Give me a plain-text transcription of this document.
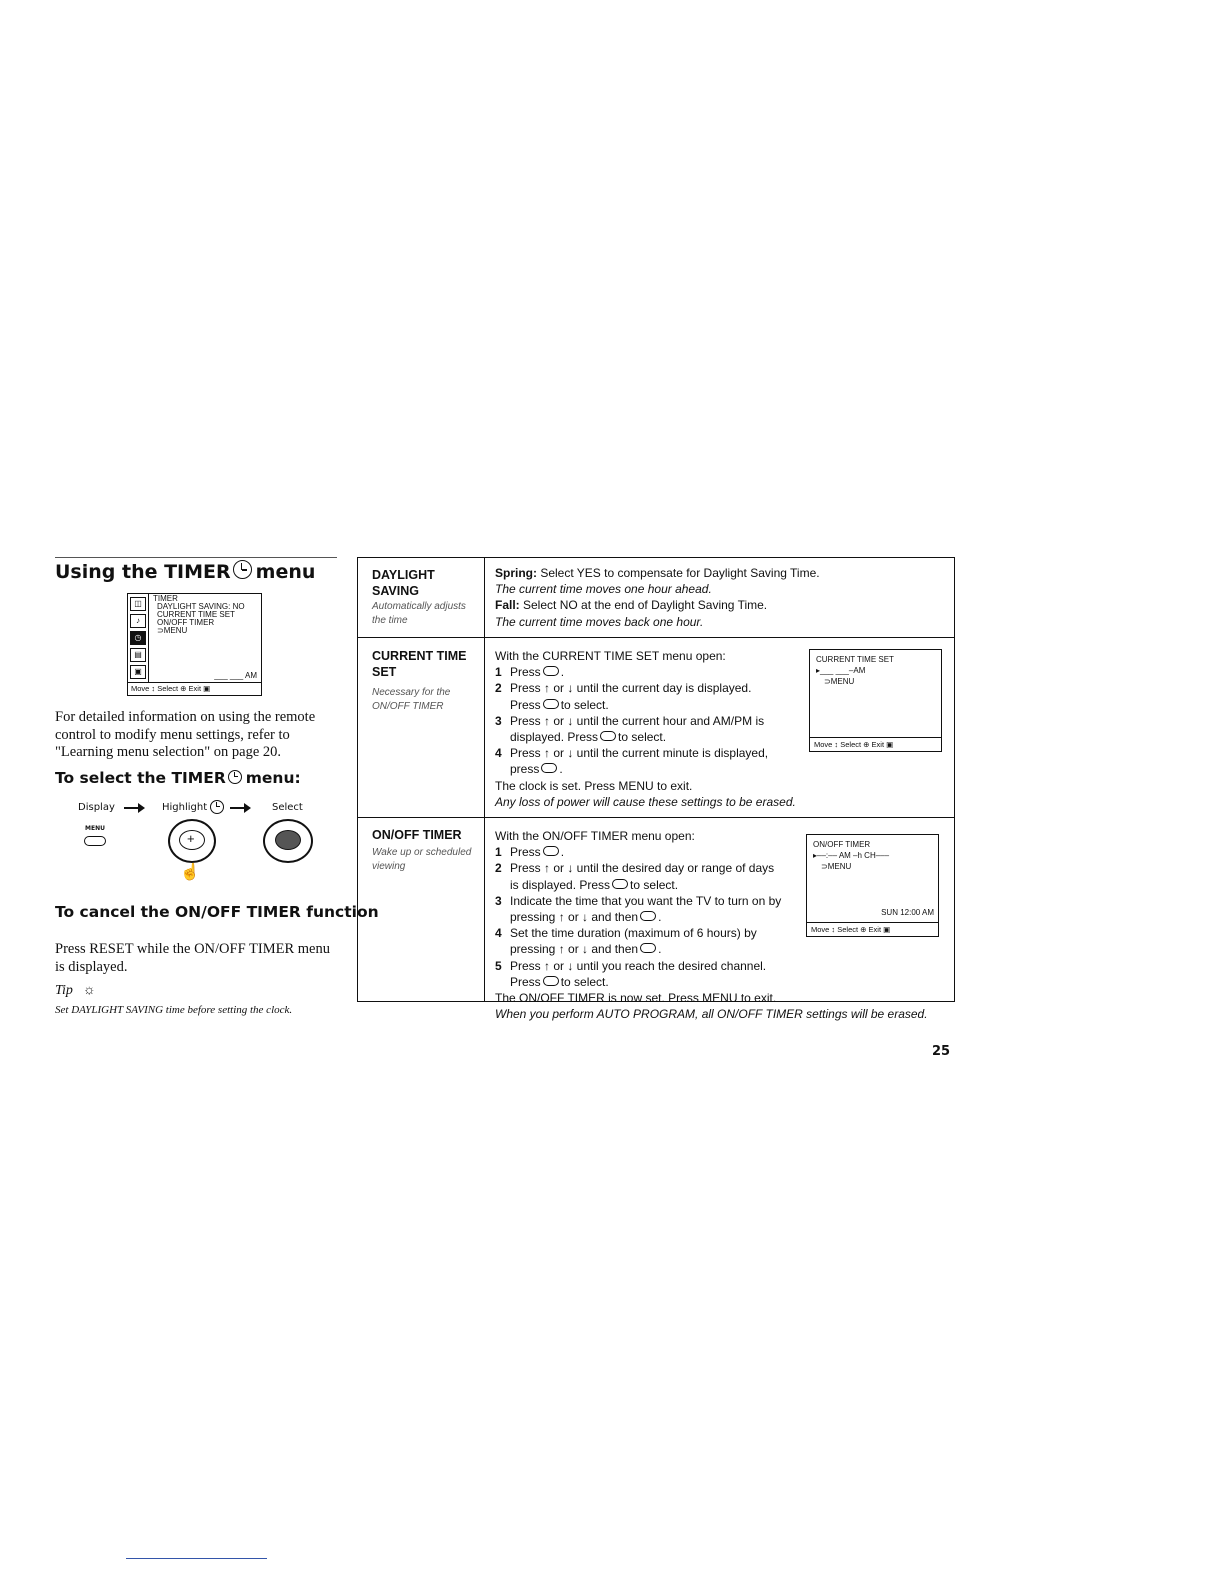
Using the TIMER menu
◫
♪
◷
▤
▣
TIMER
DAYLIGHT SAVING: NO
CURRENT TIME SET
ON/OFF TIMER
⊃MENU
___ ___ AM
Move ↕ Select ⊕ Exit ▣
For detailed information on using the remote control to modify menu settings, refer to "Learning menu selection" on page 20.
To select the TIMER menu:
Display	Highlight	Select
MENU
+
☝
To cancel the ON/OFF TIMER function
Press RESET while the ON/OFF TIMER menu is displayed.
Tip ☼
Set DAYLIGHT SAVING time before setting the clock.
DAYLIGHT SAVING
Automatically adjusts the time
Spring: Select YES to compensate for Daylight Saving Time.
The current time moves one hour ahead.
Fall: Select NO at the end of Daylight Saving Time.
The current time moves back one hour.
CURRENT TIME SET
Necessary for the ON/OFF TIMER
With the CURRENT TIME SET menu open:
1 Press .
2 Press ↑ or ↓ until the current day is displayed.
Press to select.
3 Press ↑ or ↓ until the current hour and AM/PM is
displayed. Press to select.
4 Press ↑ or ↓ until the current minute is displayed,
press .
The clock is set. Press MENU to exit.
Any loss of power will cause these settings to be erased.
CURRENT TIME SET
▸___ ___–AM
⊃MENU
Move ↕ Select ⊕ Exit ▣
ON/OFF TIMER
Wake up or scheduled viewing
With the ON/OFF TIMER menu open:
1 Press .
2 Press ↑ or ↓ until the desired day or range of days
is displayed. Press to select.
3 Indicate the time that you want the TV to turn on by
pressing ↑ or ↓ and then .
4 Set the time duration (maximum of 6 hours) by
pressing ↑ or ↓ and then .
5 Press ↑ or ↓ until you reach the desired channel.
Press to select.
The ON/OFF TIMER is now set. Press MENU to exit.
When you perform AUTO PROGRAM, all ON/OFF TIMER settings will be erased.
ON/OFF TIMER
▸––:–– AM –h CH–––
⊃MENU
SUN 12:00 AM
Move ↕ Select ⊕ Exit ▣
25
